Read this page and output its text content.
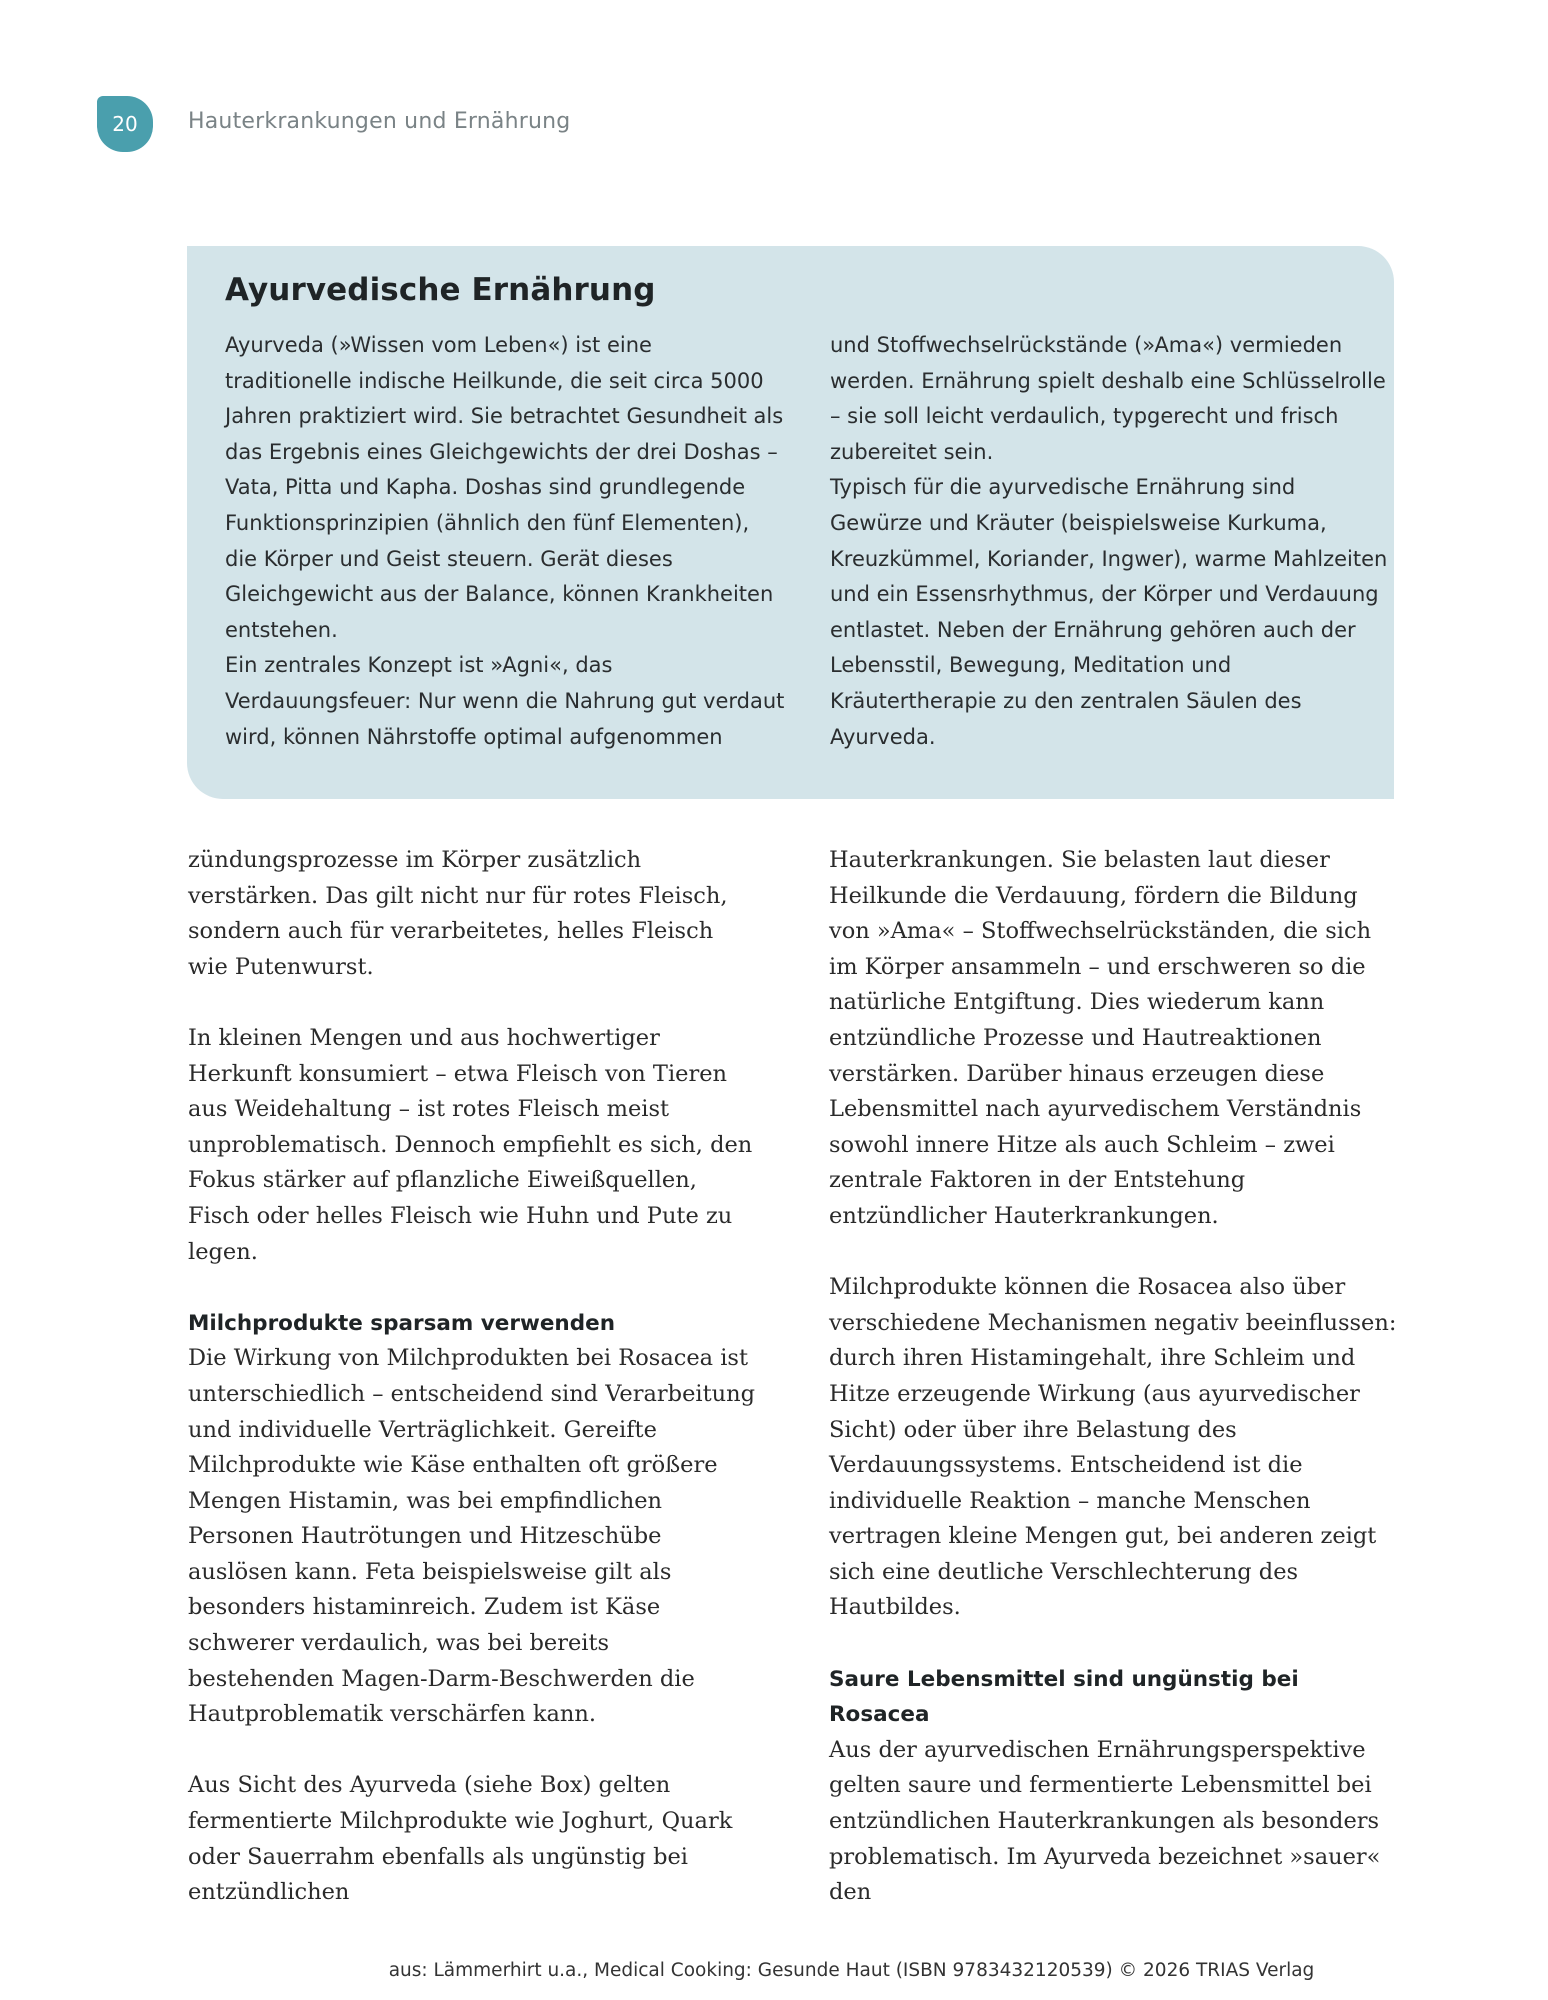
20	Hauterkrankungen und Ernährung
Ayurvedische Ernährung

Ayurveda (»Wissen vom Leben«) ist eine traditionelle indische Heilkunde, die seit circa 5000 Jahren praktiziert wird. Sie betrachtet Gesundheit als das Ergebnis eines Gleichgewichts der drei Doshas – Vata, Pitta und Kapha. Doshas sind grundlegende Funktionsprinzipien (ähnlich den fünf Elementen), die Körper und Geist steuern. Gerät dieses Gleichgewicht aus der Balance, können Krankheiten entstehen.

Ein zentrales Konzept ist »Agni«, das Verdauungsfeuer: Nur wenn die Nahrung gut verdaut wird, können Nährstoffe optimal aufgenommen

und Stoffwechselrückstände (»Ama«) vermieden werden. Ernährung spielt deshalb eine Schlüsselrolle – sie soll leicht verdaulich, typgerecht und frisch zubereitet sein.

Typisch für die ayurvedische Ernährung sind Gewürze und Kräuter (beispielsweise Kurkuma, Kreuzkümmel, Koriander, Ingwer), warme Mahlzeiten und ein Essensrhythmus, der Körper und Verdauung entlastet. Neben der Ernährung gehören auch der Lebensstil, Bewegung, Meditation und Kräutertherapie zu den zentralen Säulen des Ayurveda.

zündungsprozesse im Körper zusätzlich verstärken. Das gilt nicht nur für rotes Fleisch, sondern auch für verarbeitetes, helles Fleisch wie Putenwurst.

In kleinen Mengen und aus hochwertiger Herkunft konsumiert – etwa Fleisch von Tieren aus Weidehaltung – ist rotes Fleisch meist unproblematisch. Dennoch empfiehlt es sich, den Fokus stärker auf pflanzliche Eiweißquellen, Fisch oder helles Fleisch wie Huhn und Pute zu legen.

Milchprodukte sparsam verwenden

Die Wirkung von Milchprodukten bei Rosacea ist unterschiedlich – entscheidend sind Verarbeitung und individuelle Verträglichkeit. Gereifte Milchprodukte wie Käse enthalten oft größere Mengen Histamin, was bei empfindlichen Personen Hautrötungen und Hitzeschübe auslösen kann. Feta beispielsweise gilt als besonders histaminreich. Zudem ist Käse schwerer verdaulich, was bei bereits bestehenden Magen-Darm-Beschwerden die Hautproblematik verschärfen kann.

Aus Sicht des Ayurveda (siehe Box) gelten fermentierte Milchprodukte wie Joghurt, Quark oder Sauerrahm ebenfalls als ungünstig bei entzündlichen

Hauterkrankungen. Sie belasten laut dieser Heilkunde die Verdauung, fördern die Bildung von »Ama« – Stoffwechselrückständen, die sich im Körper ansammeln – und erschweren so die natürliche Entgiftung. Dies wiederum kann entzündliche Prozesse und Hautreaktionen verstärken. Darüber hinaus erzeugen diese Lebensmittel nach ayurvedischem Verständnis sowohl innere Hitze als auch Schleim – zwei zentrale Faktoren in der Entstehung entzündlicher Hauterkrankungen.

Milchprodukte können die Rosacea also über verschiedene Mechanismen negativ beeinflussen: durch ihren Histamingehalt, ihre Schleim und Hitze erzeugende Wirkung (aus ayurvedischer Sicht) oder über ihre Belastung des Verdauungssystems. Entscheidend ist die individuelle Reaktion – manche Menschen vertragen kleine Mengen gut, bei anderen zeigt sich eine deutliche Verschlechterung des Hautbildes.

Saure Lebensmittel sind ungünstig bei Rosacea

Aus der ayurvedischen Ernährungsperspektive gelten saure und fermentierte Lebensmittel bei entzündlichen Hauterkrankungen als besonders problematisch. Im Ayurveda bezeichnet »sauer« den

aus: Lämmerhirt u.a., Medical Cooking: Gesunde Haut (ISBN 9783432120539) © 2026 TRIAS Verlag
